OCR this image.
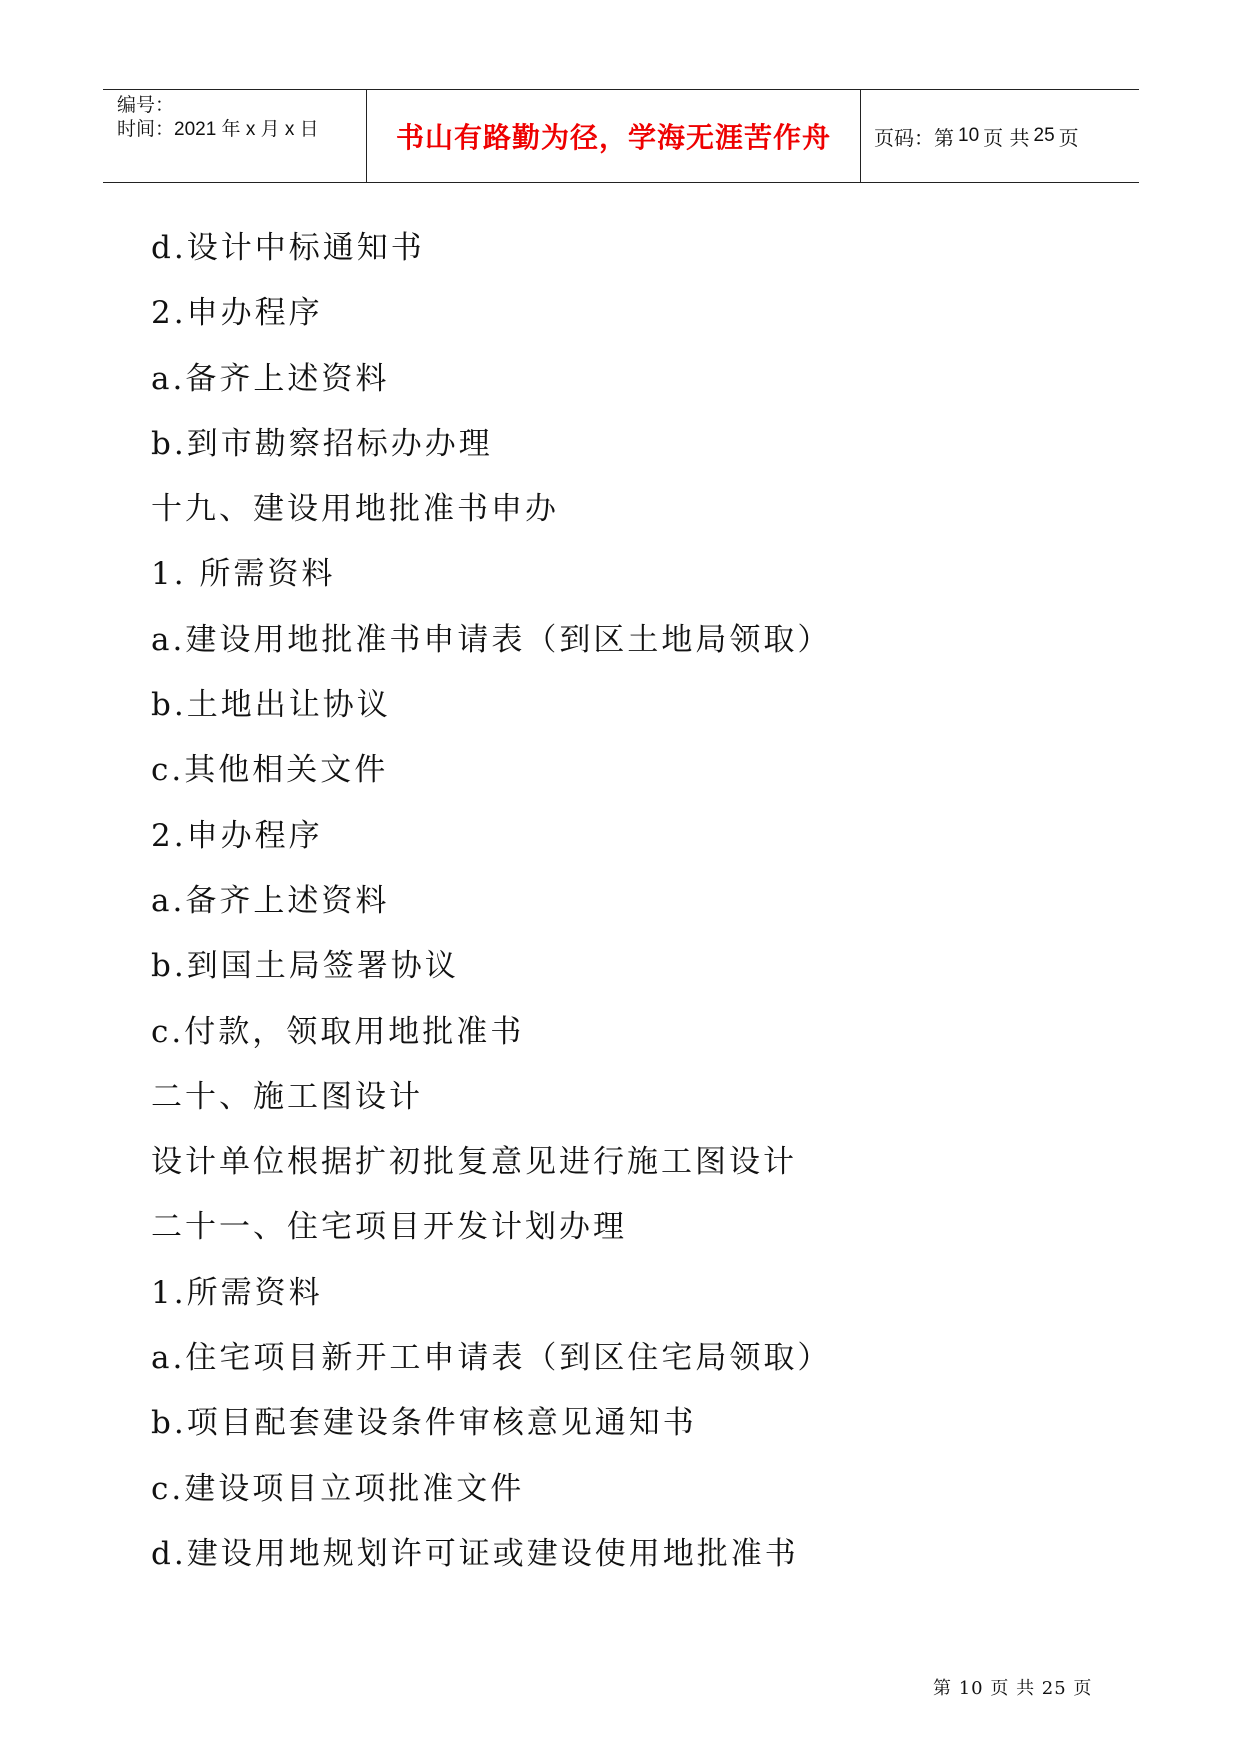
编号：
时间：2021 年 x 月 x 日	书山有路勤为径，学海无涯苦作舟 页码：第 10 页 共 25 页
d.设计中标通知书
2.申办程序
a.备齐上述资料
b.到市勘察招标办办理
十九、建设用地批准书申办
1. 所需资料
a.建设用地批准书申请表（到区土地局领取）
b.土地出让协议
c.其他相关文件
2.申办程序
a.备齐上述资料
b.到国土局签署协议
c.付款，领取用地批准书
二十、施工图设计
设计单位根据扩初批复意见进行施工图设计
二十一、住宅项目开发计划办理
1.所需资料
a.住宅项目新开工申请表（到区住宅局领取）
b.项目配套建设条件审核意见通知书
c.建设项目立项批准文件
d.建设用地规划许可证或建设使用地批准书
第 10 页 共 25 页
